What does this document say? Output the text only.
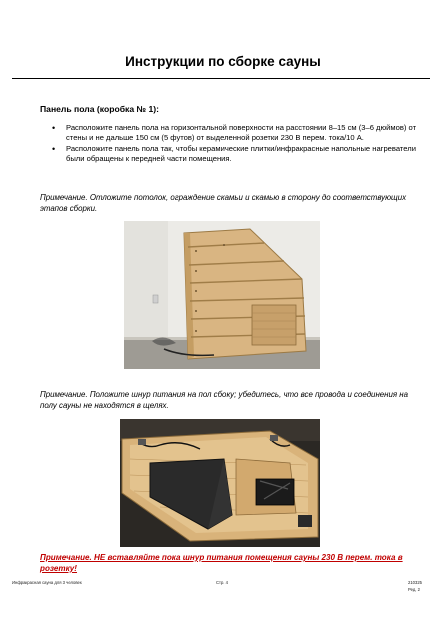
Инструкции по сборке сауны
Панель пола (коробка № 1):
• Расположите панель пола на горизонтальной поверхности на расстоянии 8–15 см (3–6 дюймов) от стены и не дальше 150 см (5 футов) от выделенной розетки 230 В перем. тока/10 А.
• Расположите панель пола так, чтобы керамические плитки/инфракрасные напольные нагреватели были обращены к передней части помещения.
Примечание. Отложите потолок, ограждение скамьи и скамью в сторону до соответствующих этапов сборки.
Примечание. Положите шнур питания на пол сбоку; убедитесь, что все провода и соединения на полу сауны не находятся в щелях.
Примечание. НЕ вставляйте пока шнур питания помещения сауны 230 В перем. тока в розетку!
Инфракрасная сауна для 3 человек	Стр. 4	210325
Ред. 2
